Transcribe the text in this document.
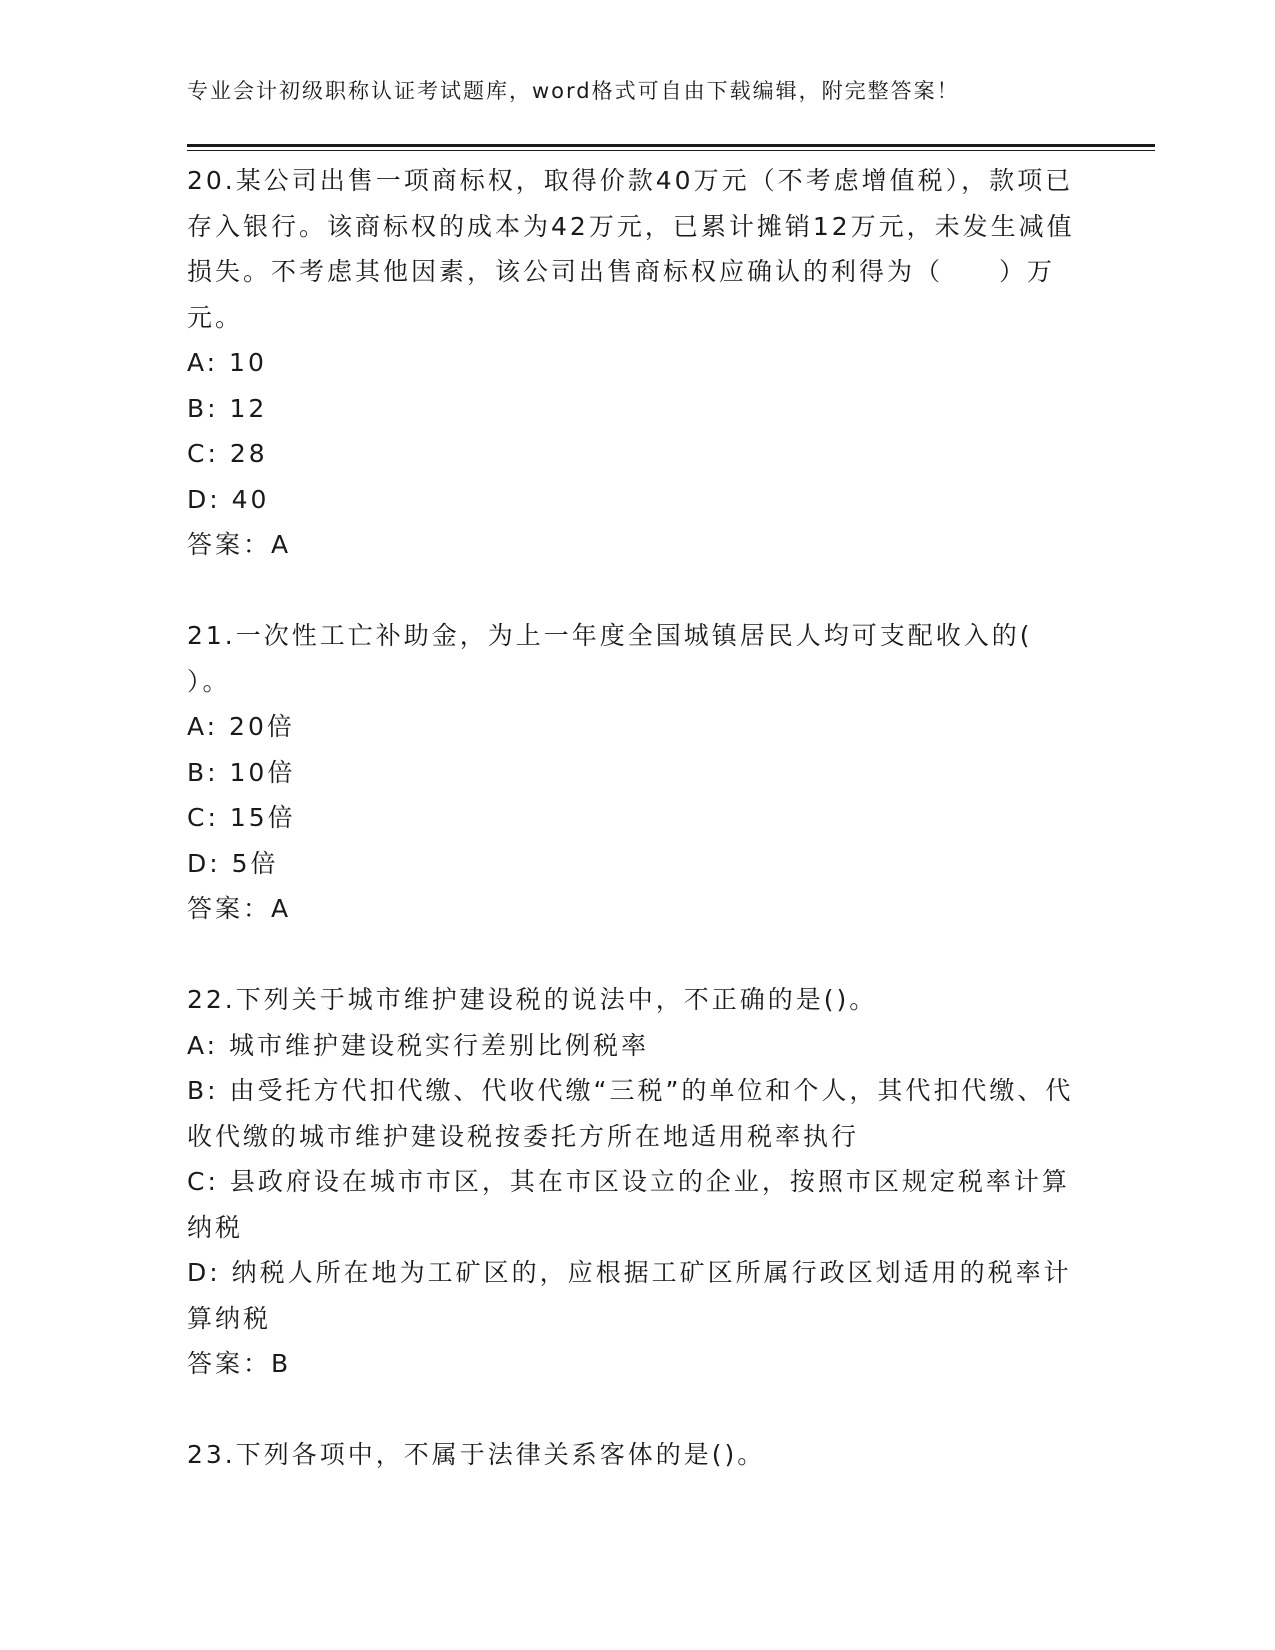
专业会计初级职称认证考试题库，word格式可自由下载编辑，附完整答案！

20.某公司出售一项商标权，取得价款40万元（不考虑增值税），款项已存入银行。该商标权的成本为42万元，已累计摊销12万元，未发生减值损失。不考虑其他因素，该公司出售商标权应确认的利得为（　　）万元。

A: 10

B: 12

C: 28

D: 40

答案：A

21.一次性工亡补助金，为上一年度全国城镇居民人均可支配收入的(　　）。

A: 20倍

B: 10倍

C: 15倍

D: 5倍

答案：A

22.下列关于城市维护建设税的说法中，不正确的是()。

A: 城市维护建设税实行差别比例税率

B: 由受托方代扣代缴、代收代缴“三税”的单位和个人，其代扣代缴、代收代缴的城市维护建设税按委托方所在地适用税率执行

C: 县政府设在城市市区，其在市区设立的企业，按照市区规定税率计算纳税

D: 纳税人所在地为工矿区的，应根据工矿区所属行政区划适用的税率计算纳税

答案：B

23.下列各项中，不属于法律关系客体的是()。
